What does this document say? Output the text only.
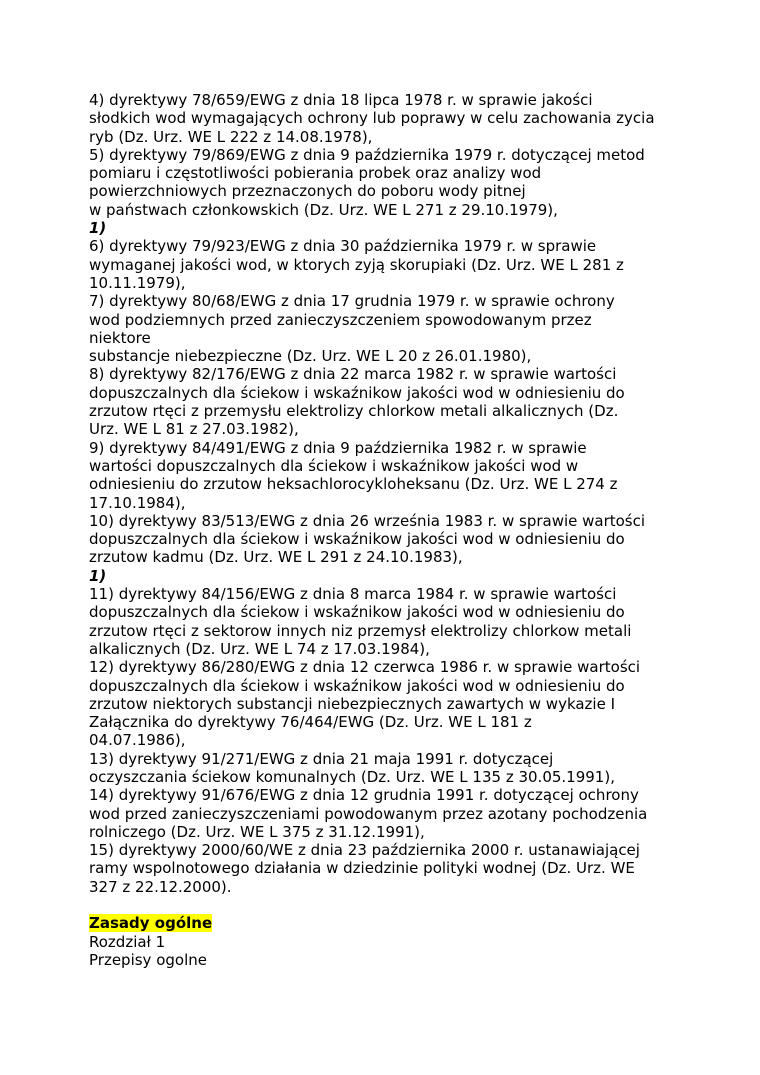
4) dyrektywy 78/659/EWG z dnia 18 lipca 1978 r. w sprawie jakości
słodkich wod wymagających ochrony lub poprawy w celu zachowania zycia
ryb (Dz. Urz. WE L 222 z 14.08.1978),
5) dyrektywy 79/869/EWG z dnia 9 października 1979 r. dotyczącej metod
pomiaru i częstotliwości pobierania probek oraz analizy wod
powierzchniowych przeznaczonych do poboru wody pitnej
w państwach członkowskich (Dz. Urz. WE L 271 z 29.10.1979),
1)
6) dyrektywy 79/923/EWG z dnia 30 października 1979 r. w sprawie
wymaganej jakości wod, w ktorych zyją skorupiaki (Dz. Urz. WE L 281 z
10.11.1979),
7) dyrektywy 80/68/EWG z dnia 17 grudnia 1979 r. w sprawie ochrony
wod podziemnych przed zanieczyszczeniem spowodowanym przez
niektore
substancje niebezpieczne (Dz. Urz. WE L 20 z 26.01.1980),
8) dyrektywy 82/176/EWG z dnia 22 marca 1982 r. w sprawie wartości
dopuszczalnych dla ściekow i wskaźnikow jakości wod w odniesieniu do
zrzutow rtęci z przemysłu elektrolizy chlorkow metali alkalicznych (Dz.
Urz. WE L 81 z 27.03.1982),
9) dyrektywy 84/491/EWG z dnia 9 października 1982 r. w sprawie
wartości dopuszczalnych dla ściekow i wskaźnikow jakości wod w
odniesieniu do zrzutow heksachlorocykloheksanu (Dz. Urz. WE L 274 z
17.10.1984),
10) dyrektywy 83/513/EWG z dnia 26 września 1983 r. w sprawie wartości
dopuszczalnych dla ściekow i wskaźnikow jakości wod w odniesieniu do
zrzutow kadmu (Dz. Urz. WE L 291 z 24.10.1983),
1)
11) dyrektywy 84/156/EWG z dnia 8 marca 1984 r. w sprawie wartości
dopuszczalnych dla ściekow i wskaźnikow jakości wod w odniesieniu do
zrzutow rtęci z sektorow innych niz przemysł elektrolizy chlorkow metali
alkalicznych (Dz. Urz. WE L 74 z 17.03.1984),
12) dyrektywy 86/280/EWG z dnia 12 czerwca 1986 r. w sprawie wartości
dopuszczalnych dla ściekow i wskaźnikow jakości wod w odniesieniu do
zrzutow niektorych substancji niebezpiecznych zawartych w wykazie I
Załącznika do dyrektywy 76/464/EWG (Dz. Urz. WE L 181 z
04.07.1986),
13) dyrektywy 91/271/EWG z dnia 21 maja 1991 r. dotyczącej
oczyszczania ściekow komunalnych (Dz. Urz. WE L 135 z 30.05.1991),
14) dyrektywy 91/676/EWG z dnia 12 grudnia 1991 r. dotyczącej ochrony
wod przed zanieczyszczeniami powodowanym przez azotany pochodzenia
rolniczego (Dz. Urz. WE L 375 z 31.12.1991),
15) dyrektywy 2000/60/WE z dnia 23 października 2000 r. ustanawiającej
ramy wspolnotowego działania w dziedzinie polityki wodnej (Dz. Urz. WE
327 z 22.12.2000).
Zasady ogólne
Rozdział 1
Przepisy ogolne
